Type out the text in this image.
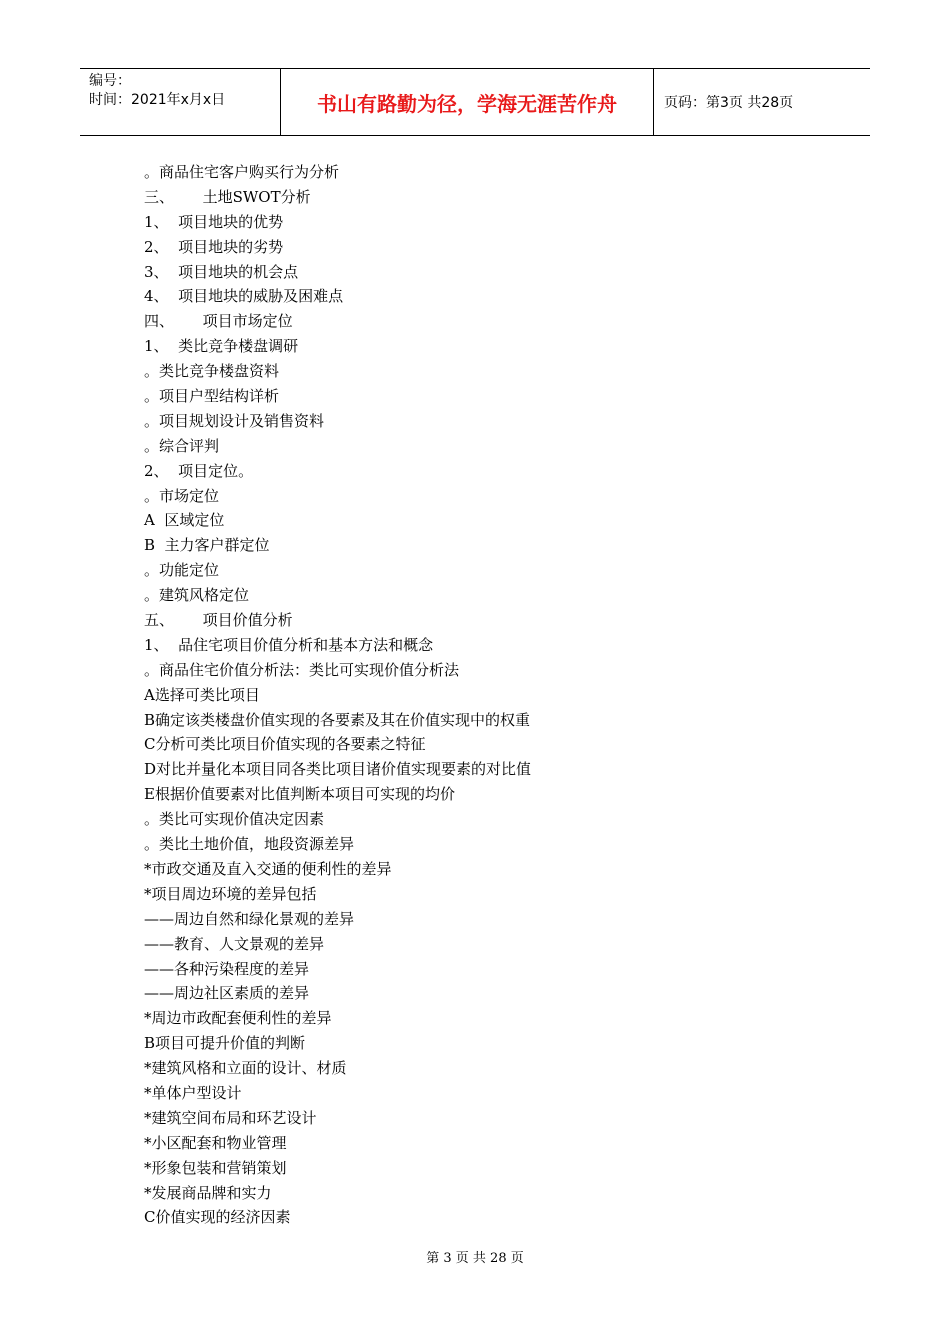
编号：
时间：2021年x月x日	书山有路勤为径，学海无涯苦作舟	页码：第3页 共28页
。商品住宅客户购买行为分析
三、      土地SWOT分析
1、  项目地块的优势
2、  项目地块的劣势
3、  项目地块的机会点
4、  项目地块的威胁及困难点
四、      项目市场定位
1、  类比竞争楼盘调研
。类比竞争楼盘资料
。项目户型结构详析
。项目规划设计及销售资料
。综合评判
2、  项目定位。
。市场定位
A  区域定位
B  主力客户群定位
。功能定位
。建筑风格定位
五、      项目价值分析
1、  品住宅项目价值分析和基本方法和概念
。商品住宅价值分析法：类比可实现价值分析法
A选择可类比项目
B确定该类楼盘价值实现的各要素及其在价值实现中的权重
C分析可类比项目价值实现的各要素之特征
D对比并量化本项目同各类比项目诸价值实现要素的对比值
E根据价值要素对比值判断本项目可实现的均价
。类比可实现价值决定因素
。类比土地价值，地段资源差异
*市政交通及直入交通的便利性的差异
*项目周边环境的差异包括
——周边自然和绿化景观的差异
——教育、人文景观的差异
——各种污染程度的差异
——周边社区素质的差异
*周边市政配套便利性的差异
B项目可提升价值的判断
*建筑风格和立面的设计、材质
*单体户型设计
*建筑空间布局和环艺设计
*小区配套和物业管理
*形象包装和营销策划
*发展商品牌和实力
C价值实现的经济因素
第 3 页 共 28 页
